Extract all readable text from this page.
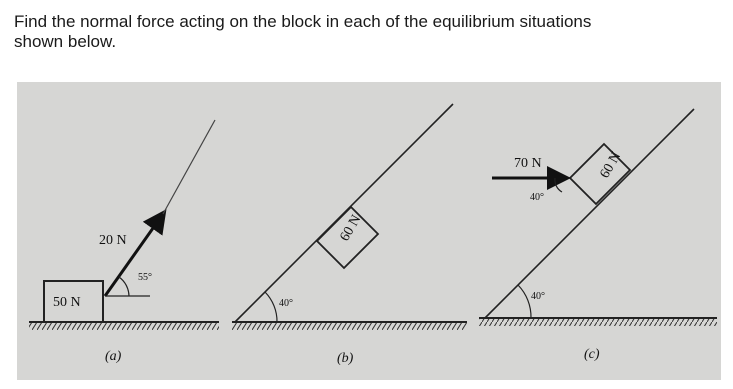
Find the normal force acting on the block in each of the equilibrium situations
shown below.
50 N
20 N
55°
(a)
60 N
40°
(b)
60 N
70 N
40°
40°
(c)
